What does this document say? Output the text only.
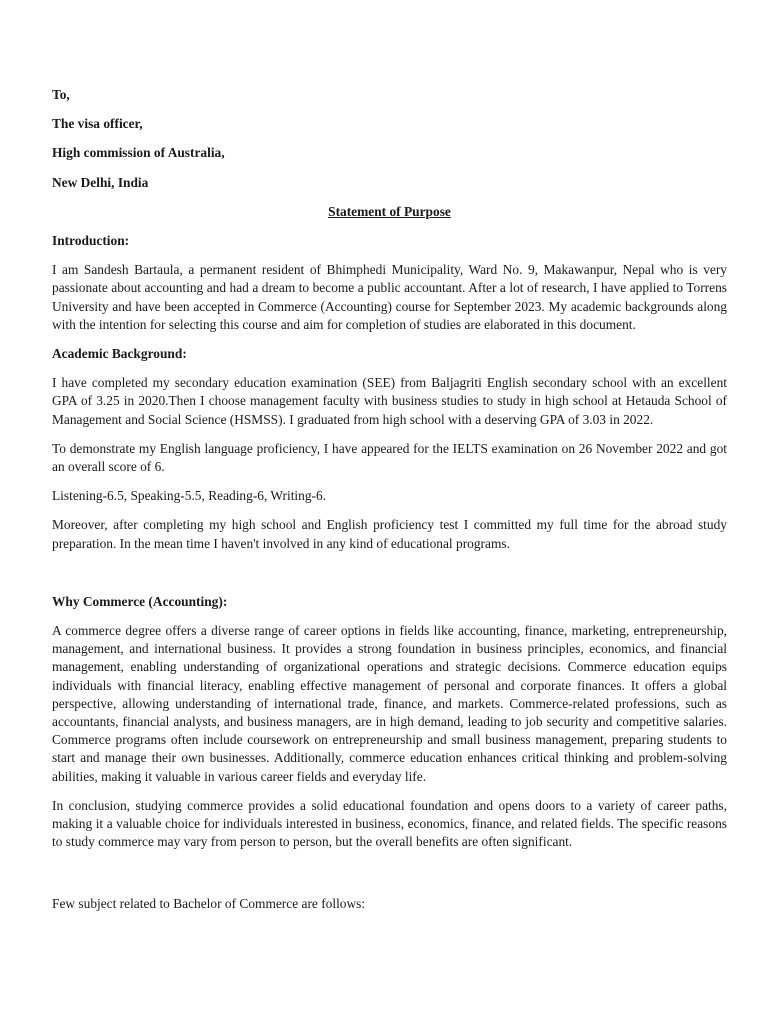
To,

The visa officer,

High commission of Australia,

New Delhi, India

Statement of Purpose

Introduction:

I am Sandesh Bartaula, a permanent resident of Bhimphedi Municipality, Ward No. 9, Makawanpur, Nepal who is very passionate about accounting and had a dream to become a public accountant. After a lot of research, I have applied to Torrens University and have been accepted in Commerce (Accounting) course for September 2023. My academic backgrounds along with the intention for selecting this course and aim for completion of studies are elaborated in this document.

Academic Background:

I have completed my secondary education examination (SEE) from Baljagriti English secondary school with an excellent GPA of 3.25 in 2020.Then I choose management faculty with business studies to study in high school at Hetauda School of Management and Social Science (HSMSS). I graduated from high school with a deserving GPA of 3.03 in 2022.

To demonstrate my English language proficiency, I have appeared for the IELTS examination on 26 November 2022 and got an overall score of 6.

Listening-6.5, Speaking-5.5, Reading-6, Writing-6.

Moreover, after completing my high school and English proficiency test I committed my full time for the abroad study preparation. In the mean time I haven't involved in any kind of educational programs.

Why Commerce (Accounting):

A commerce degree offers a diverse range of career options in fields like accounting, finance, marketing, entrepreneurship, management, and international business. It provides a strong foundation in business principles, economics, and financial management, enabling understanding of organizational operations and strategic decisions. Commerce education equips individuals with financial literacy, enabling effective management of personal and corporate finances. It offers a global perspective, allowing understanding of international trade, finance, and markets. Commerce-related professions, such as accountants, financial analysts, and business managers, are in high demand, leading to job security and competitive salaries. Commerce programs often include coursework on entrepreneurship and small business management, preparing students to start and manage their own businesses. Additionally, commerce education enhances critical thinking and problem-solving abilities, making it valuable in various career fields and everyday life.

In conclusion, studying commerce provides a solid educational foundation and opens doors to a variety of career paths, making it a valuable choice for individuals interested in business, economics, finance, and related fields. The specific reasons to study commerce may vary from person to person, but the overall benefits are often significant.

Few subject related to Bachelor of Commerce are follows:
